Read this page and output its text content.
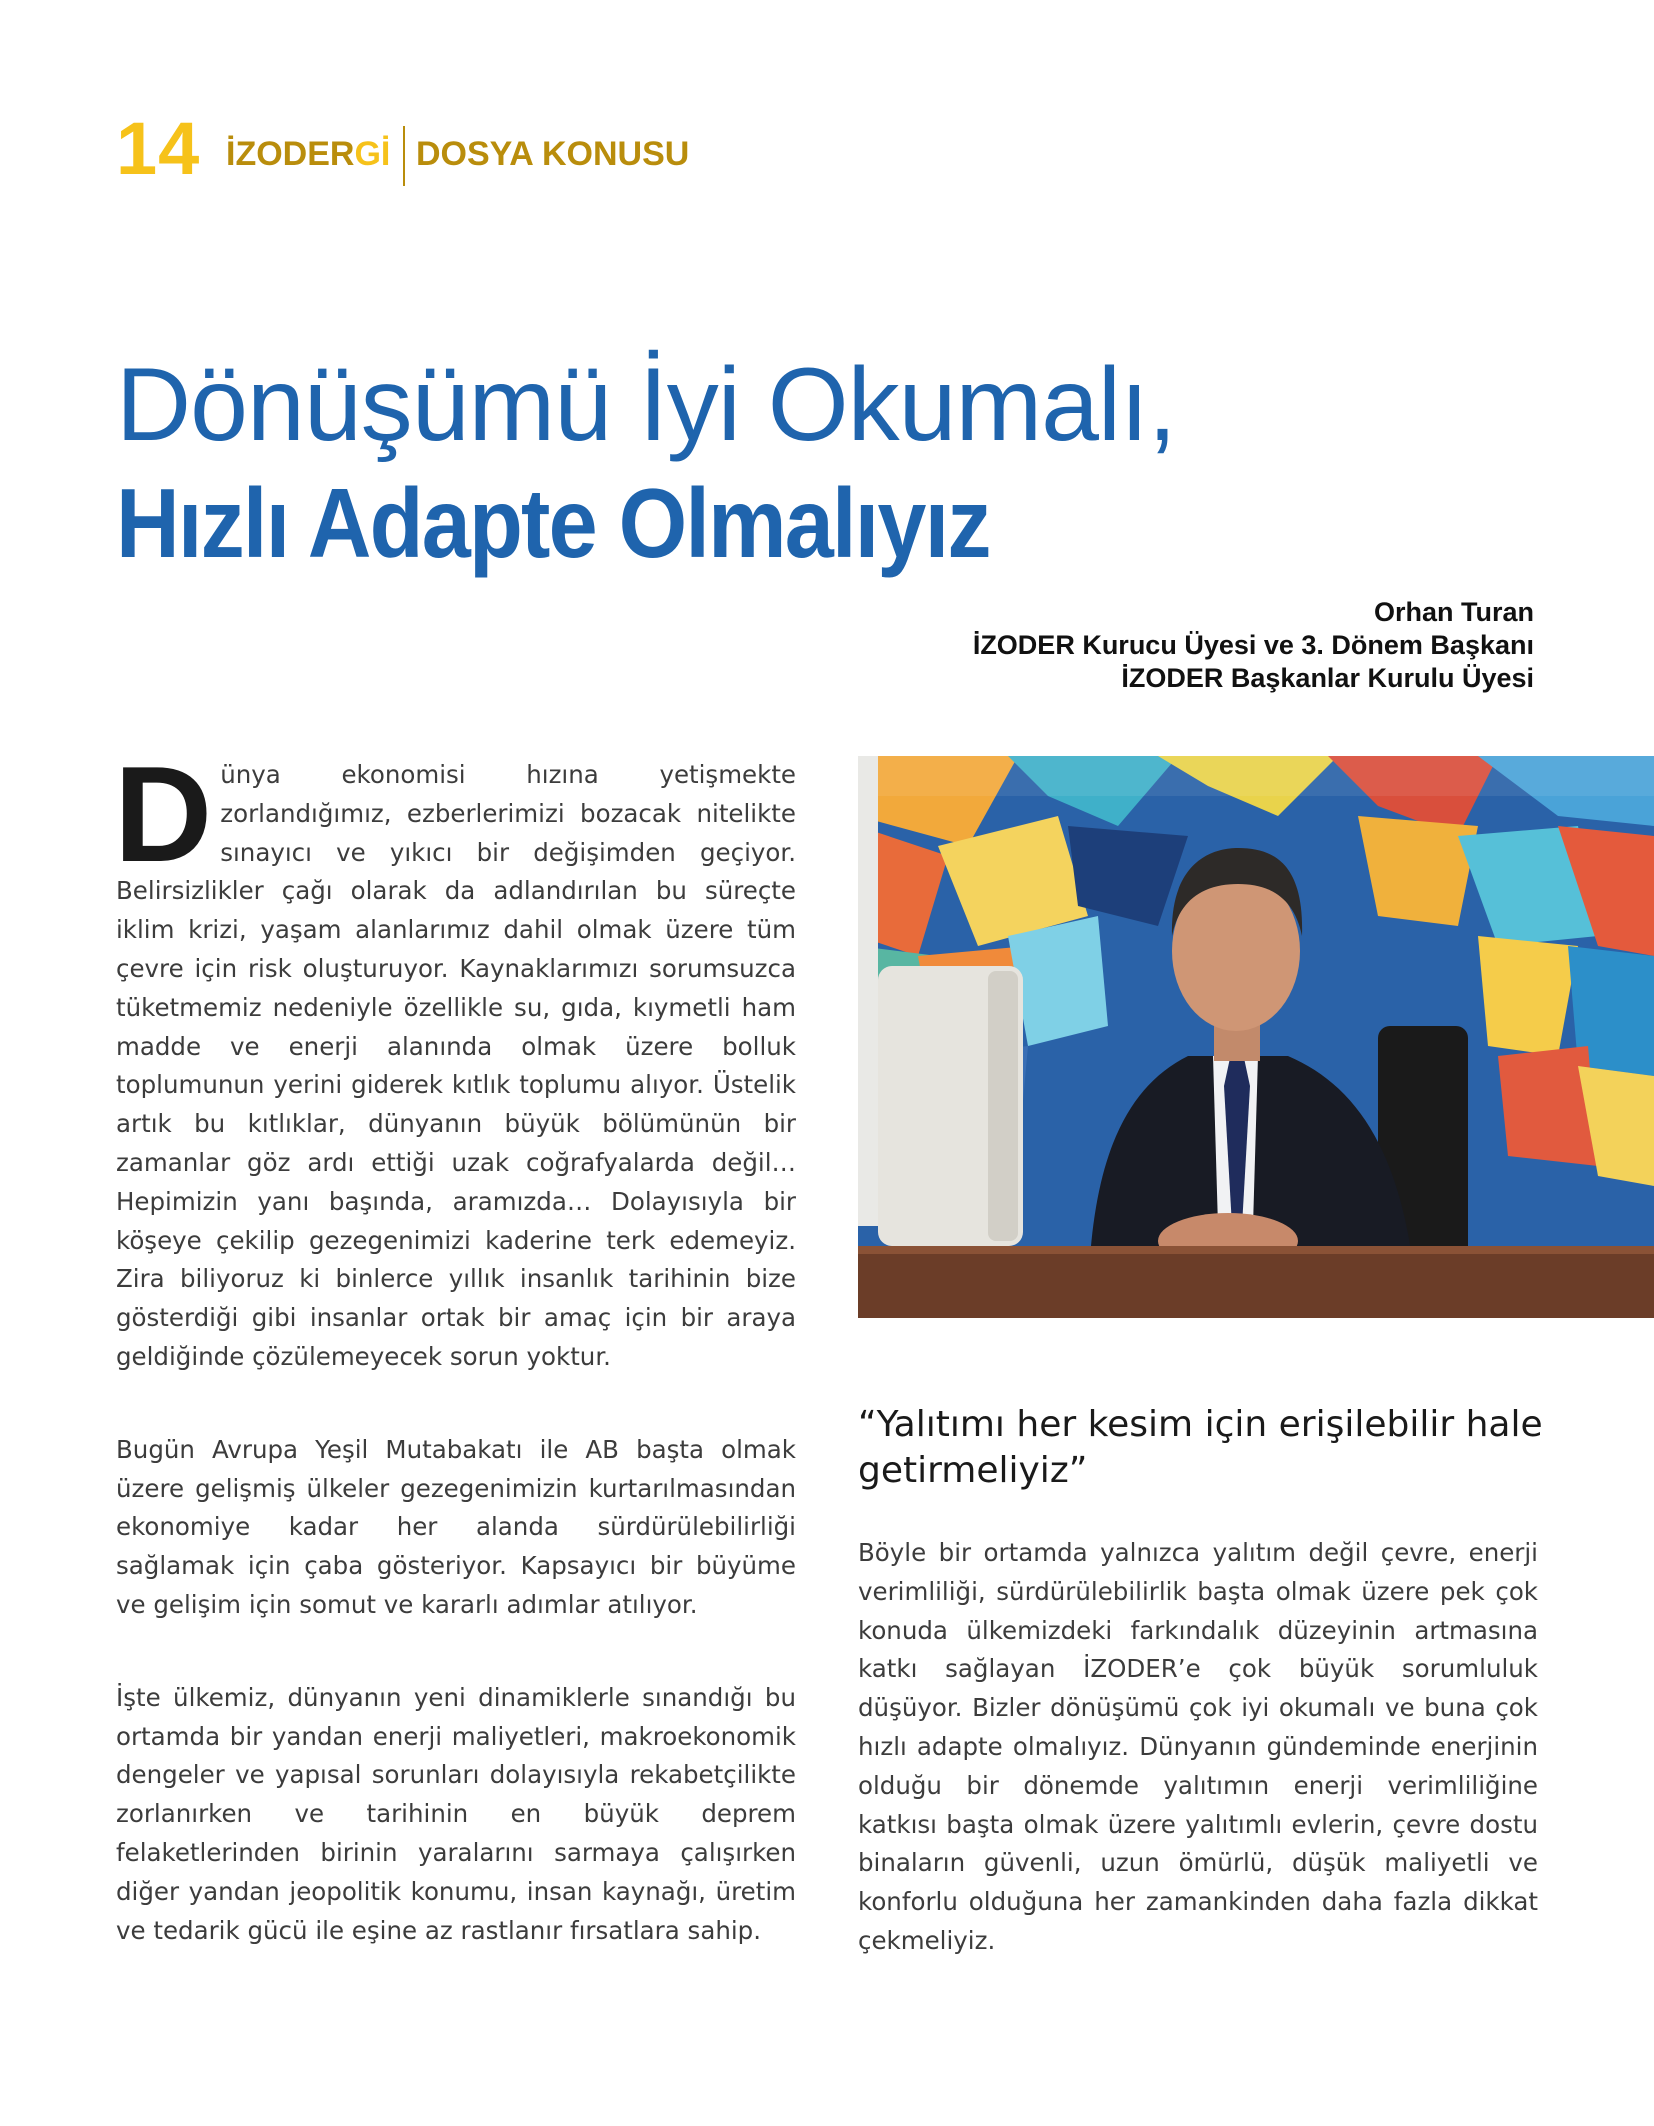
14 İZODERGİ DOSYA KONUSU
Dönüşümü İyi Okumalı,
Hızlı Adapte Olmalıyız
Orhan Turan
İZODER Kurucu Üyesi ve 3. Dönem Başkanı
İZODER Başkanlar Kurulu Üyesi

Dünya ekonomisi hızına yetişmekte zorlandığımız, ezberlerimizi bozacak nitelikte sınayıcı ve yıkıcı bir değişimden geçiyor. Belirsizlikler çağı olarak da adlandırılan bu süreçte iklim krizi, yaşam alanlarımız dahil olmak üzere tüm çevre için risk oluşturuyor. Kaynaklarımızı sorumsuzca tüketmemiz nedeniyle özellikle su, gıda, kıymetli ham madde ve enerji alanında olmak üzere bolluk toplumunun yerini giderek kıtlık toplumu alıyor. Üstelik artık bu kıtlıklar, dünyanın büyük bölümünün bir zamanlar göz ardı ettiği uzak coğrafyalarda değil… Hepimizin yanı başında, aramızda… Dolayısıyla bir köşeye çekilip gezegenimizi kaderine terk edemeyiz. Zira biliyoruz ki binlerce yıllık insanlık tarihinin bize gösterdiği gibi insanlar ortak bir amaç için bir araya geldiğinde çözülemeyecek sorun yoktur.

Bugün Avrupa Yeşil Mutabakatı ile AB başta olmak üzere gelişmiş ülkeler gezegenimizin kurtarılmasından ekonomiye kadar her alanda sürdürülebilirliği sağlamak için çaba gösteriyor. Kapsayıcı bir büyüme ve gelişim için somut ve kararlı adımlar atılıyor.

İşte ülkemiz, dünyanın yeni dinamiklerle sınandığı bu ortamda bir yandan enerji maliyetleri, makroekonomik dengeler ve yapısal sorunları dolayısıyla rekabetçilikte zorlanırken ve tarihinin en büyük deprem felaketlerinden birinin yaralarını sarmaya çalışırken diğer yandan jeopolitik konumu, insan kaynağı, üretim ve tedarik gücü ile eşine az rastlanır fırsatlara sahip.

“Yalıtımı her kesim için erişilebilir hale getirmeliyiz”

Böyle bir ortamda yalnızca yalıtım değil çevre, enerji verimliliği, sürdürülebilirlik başta olmak üzere pek çok konuda ülkemizdeki farkındalık düzeyinin artmasına katkı sağlayan İZODER’e çok büyük sorumluluk düşüyor. Bizler dönüşümü çok iyi okumalı ve buna çok hızlı adapte olmalıyız. Dünyanın gündeminde enerjinin olduğu bir dönemde yalıtımın enerji verimliliğine katkısı başta olmak üzere yalıtımlı evlerin, çevre dostu binaların güvenli, uzun ömürlü, düşük maliyetli ve konforlu olduğuna her zamankinden daha fazla dikkat çekmeliyiz.
